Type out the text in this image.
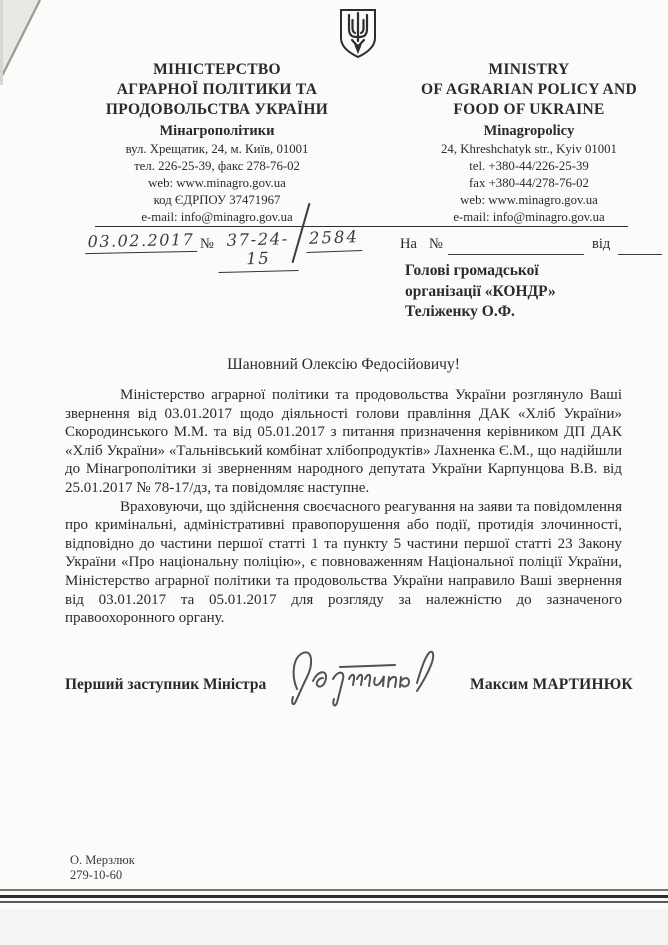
МІНІСТЕРСТВО
АГРАРНОЇ ПОЛІТИКИ ТА
ПРОДОВОЛЬСТВА УКРАЇНИ
Мінагрополітики
вул. Хрещатик, 24, м. Київ, 01001
тел. 226-25-39, факс 278-76-02
web: www.minagro.gov.ua
код ЄДРПОУ 37471967
e-mail: info@minagro.gov.ua
MINISTRY
OF AGRARIAN POLICY AND
FOOD OF UKRAINE
Minagropolicy
24, Khreshchatyk str., Kyiv 01001
tel. +380-44/226-25-39
fax +380-44/278-76-02
web: www.minagro.gov.ua
e-mail: info@minagro.gov.ua
03.02.2017 № 37-24-15
2584	На №	від
Голові громадської
організації «КОНДР»
Теліженку О.Ф.
Шановний Олексію Федосійовичу!

Міністерство аграрної політики та продовольства України розглянуло Ваші звернення від 03.01.2017 щодо діяльності голови правління ДАК «Хліб України» Скородинського М.М. та від 05.01.2017 з питання призначення керівником ДП ДАК «Хліб України» «Тальнівський комбінат хлібопродуктів» Лахненка Є.М., що надійшли до Мінагрополітики зі зверненням народного депутата України Карпунцова В.В. від 25.01.2017 № 78-17/дз, та повідомляє наступне.

Враховуючи, що здійснення своєчасного реагування на заяви та повідомлення про кримінальні, адміністративні правопорушення або події, протидія злочинності, відповідно до частини першої статті 1 та пункту 5 частини першої статті 23 Закону України «Про національну поліцію», є повноваженням Національної поліції України, Міністерство аграрної політики та продовольства України направило Ваші звернення від 03.01.2017 та 05.01.2017 для розгляду за належністю до зазначеного правоохоронного органу.

Перший заступник Міністра	Максим МАРТИНЮК
О. Мерзлюк
279-10-60
